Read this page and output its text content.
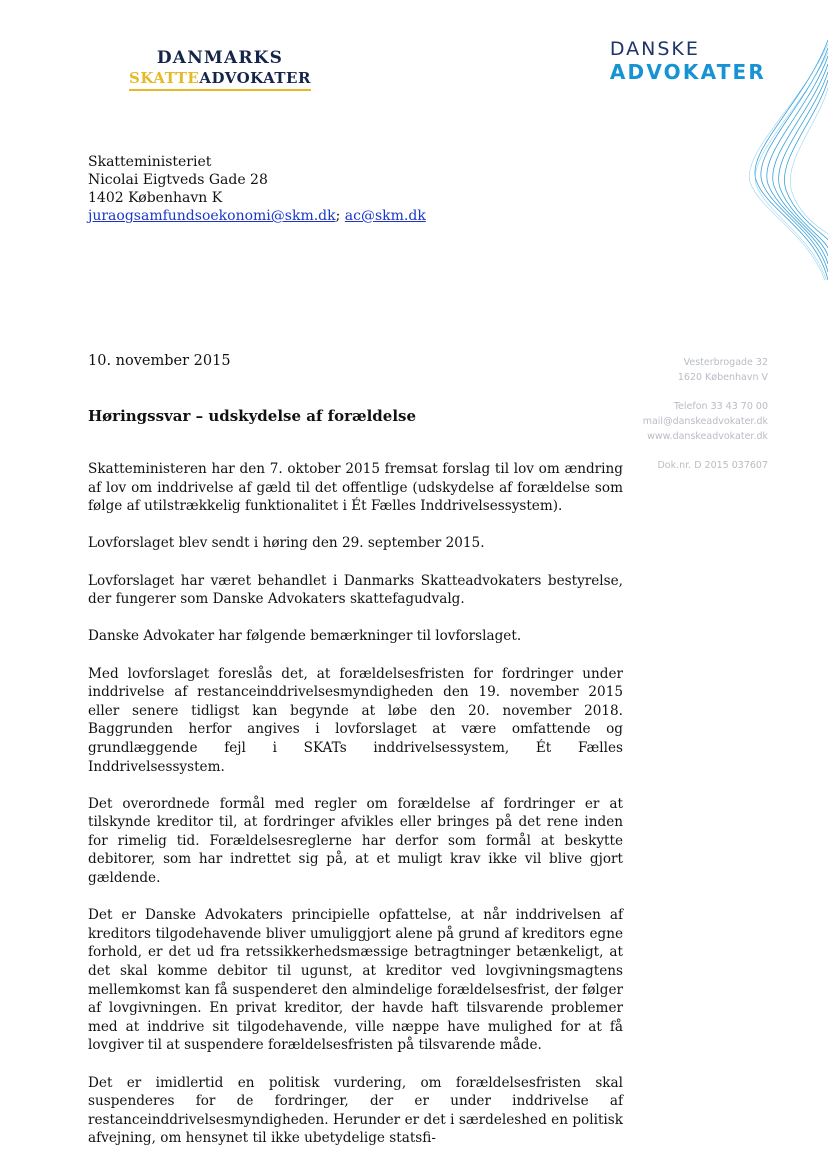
DANMARKS
SKATTEADVOKATER
DANSKE
ADVOKATER
Skatteministeriet
Nicolai Eigtveds Gade 28
1402 København K
juraogsamfundsoekonomi@skm.dk; ac@skm.dk
Vesterbrogade 32
1620 København V
Telefon 33 43 70 00
mail@danskeadvokater.dk
www.danskeadvokater.dk
Dok.nr. D 2015 037607
10. november 2015
Høringssvar – udskydelse af forældelse

Skatteministeren har den 7. oktober 2015 fremsat forslag til lov om ændring af lov om inddrivelse af gæld til det offentlige (udskydelse af forældelse som følge af utilstrækkelig funktionalitet i Ét Fælles Inddrivelsessystem).

Lovforslaget blev sendt i høring den 29. september 2015.

Lovforslaget har været behandlet i Danmarks Skatteadvokaters bestyrelse, der fungerer som Danske Advokaters skattefagudvalg.

Danske Advokater har følgende bemærkninger til lovforslaget.

Med lovforslaget foreslås det, at forældelsesfristen for fordringer under inddrivelse af restanceinddrivelsesmyndigheden den 19. november 2015 eller senere tidligst kan begynde at løbe den 20. november 2018. Baggrunden herfor angives i lovforslaget at være omfattende og grundlæggende fejl i SKATs inddrivelsessystem, Ét Fælles Inddrivelsessystem.

Det overordnede formål med regler om forældelse af fordringer er at tilskynde kreditor til, at fordringer afvikles eller bringes på det rene inden for rimelig tid. Forældelsesreglerne har derfor som formål at beskytte debitorer, som har indrettet sig på, at et muligt krav ikke vil blive gjort gældende.

Det er Danske Advokaters principielle opfattelse, at når inddrivelsen af kreditors tilgodehavende bliver umuliggjort alene på grund af kreditors egne forhold, er det ud fra retssikkerhedsmæssige betragtninger betænkeligt, at det skal komme debitor til ugunst, at kreditor ved lovgivningsmagtens mellemkomst kan få suspenderet den almindelige forældelsesfrist, der følger af lovgivningen. En privat kreditor, der havde haft tilsvarende problemer med at inddrive sit tilgodehavende, ville næppe have mulighed for at få lovgiver til at suspendere forældelsesfristen på tilsvarende måde.

Det er imidlertid en politisk vurdering, om forældelsesfristen skal suspenderes for de fordringer, der er under inddrivelse af restanceinddrivelsesmyndigheden. Herunder er det i særdeleshed en politisk afvejning, om hensynet til ikke ubetydelige statsfi-
